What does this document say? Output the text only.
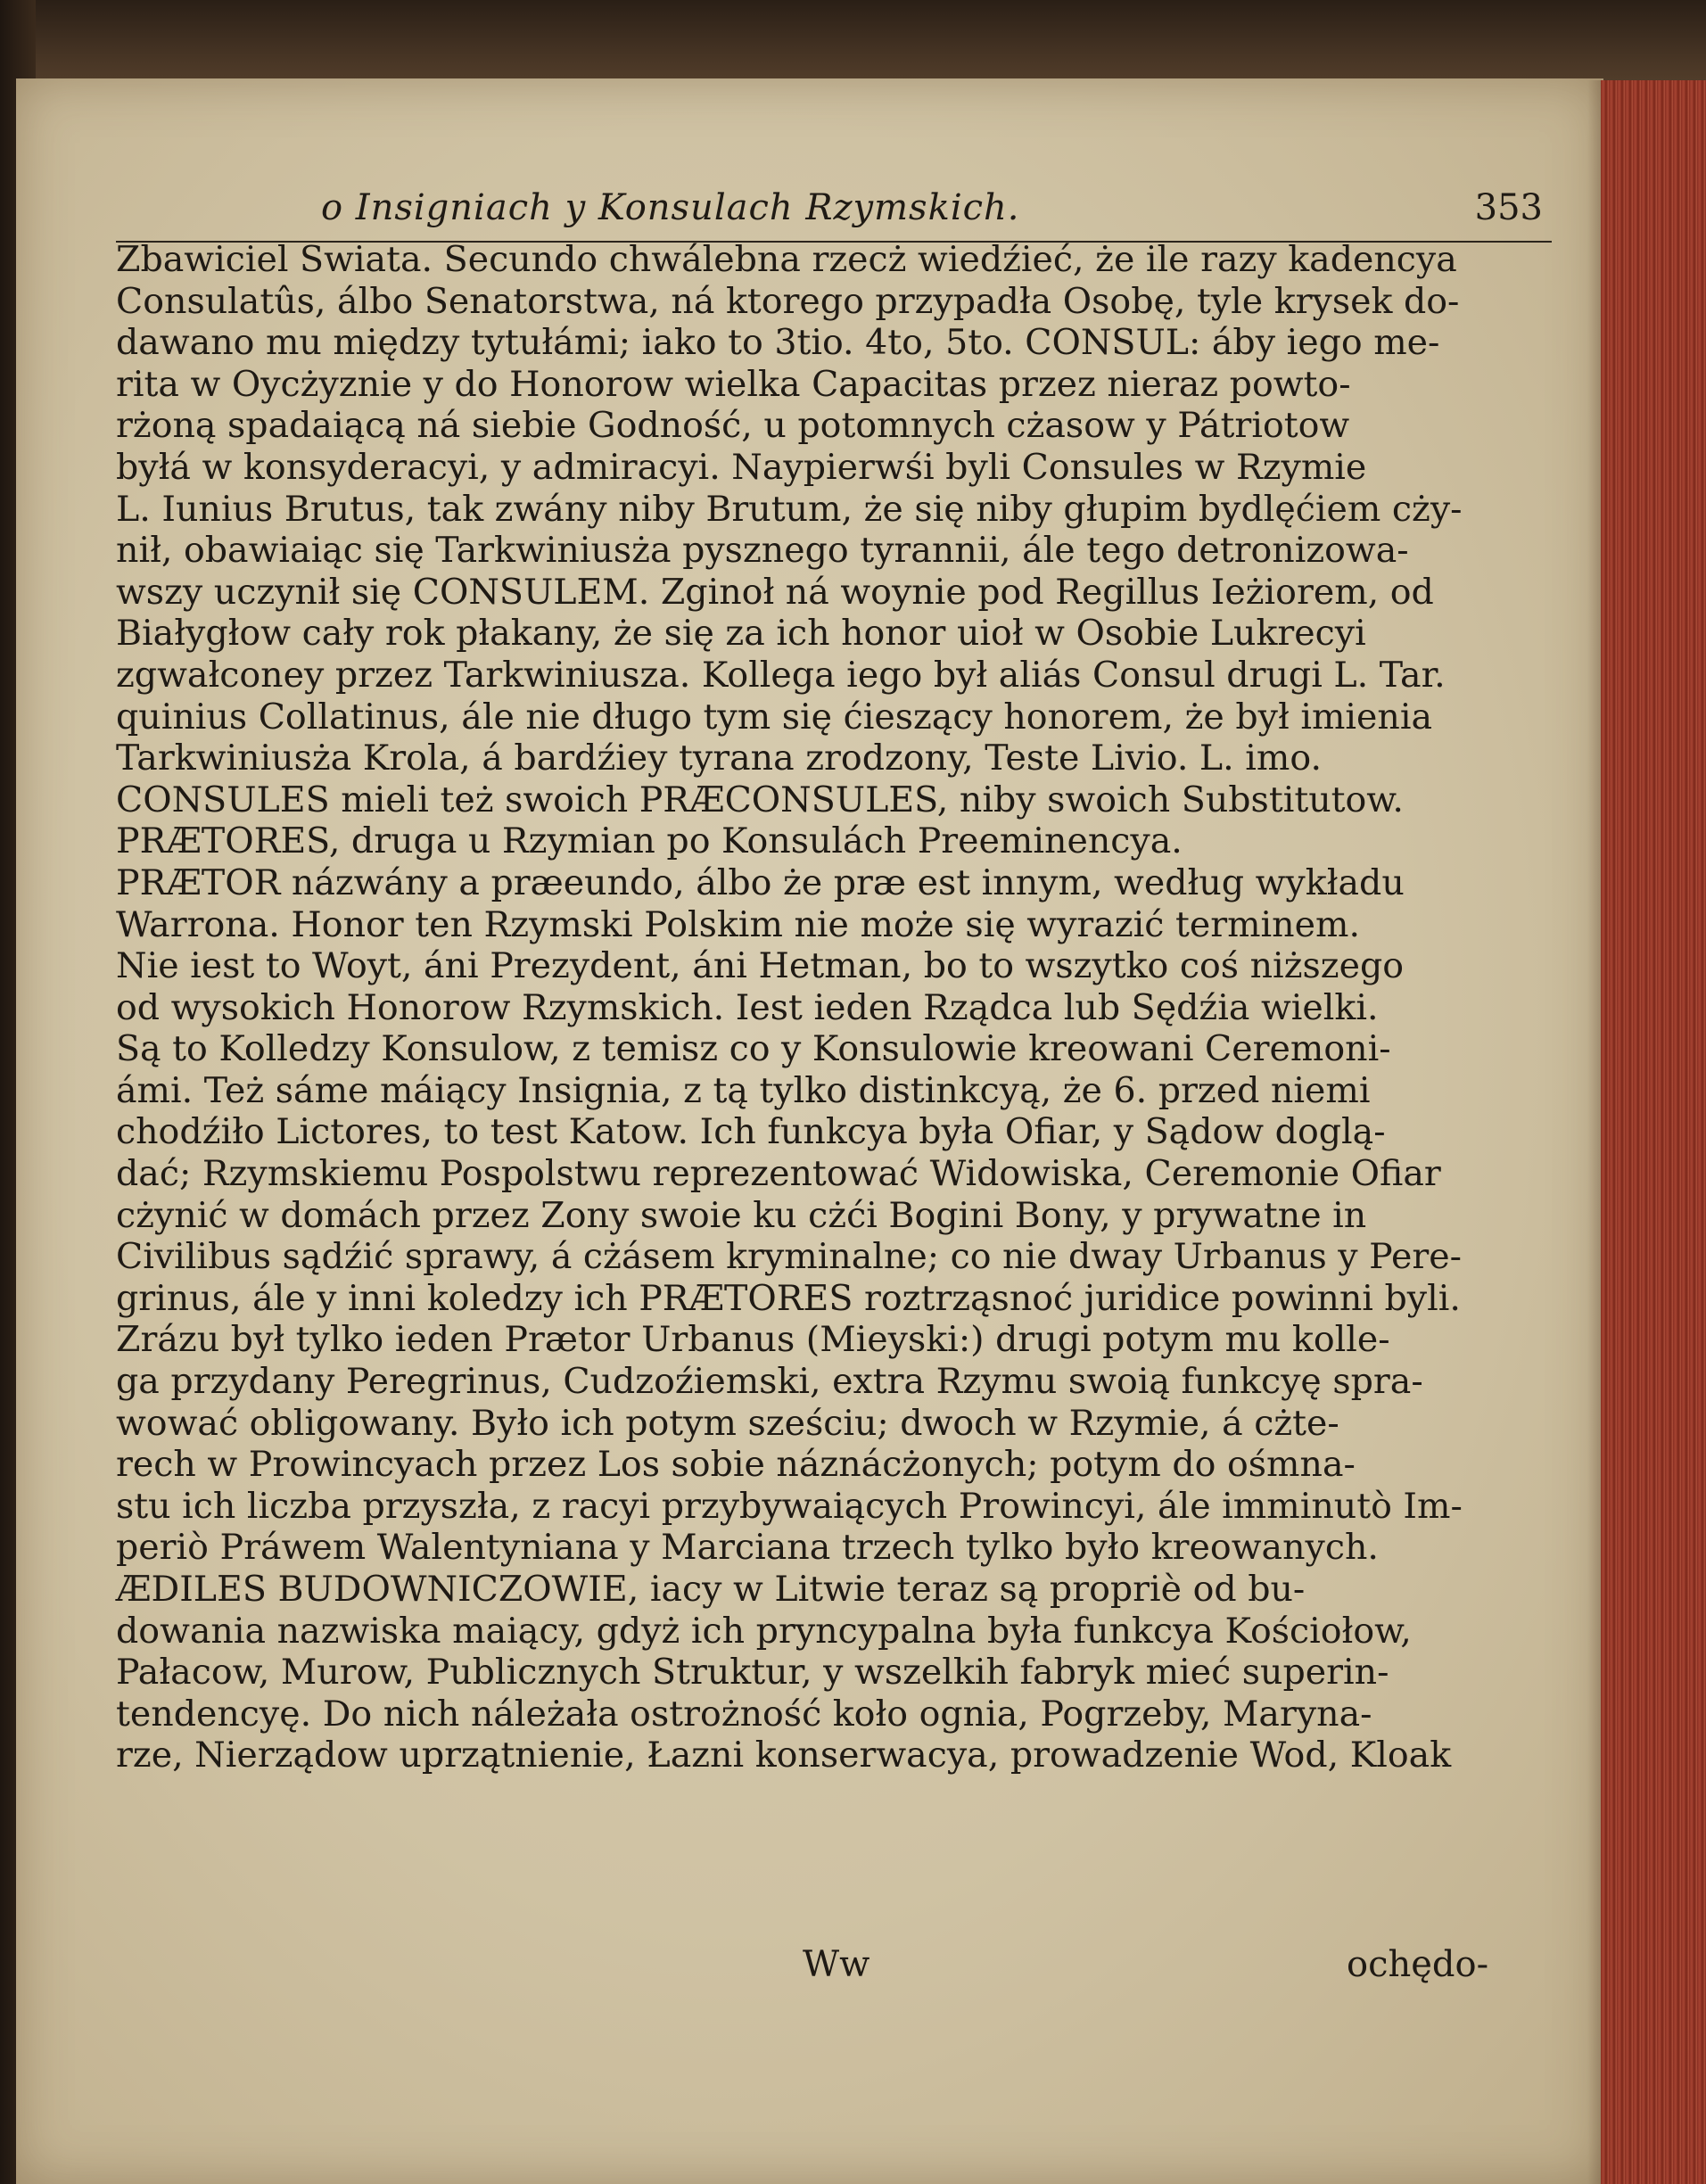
o Insigniach y Konsulach Rzymskich.	353
Zbawiciel Swiata. Secundo chwálebna rzecż wiedźieć, że ile razy kadencya
Consulatûs, álbo Senatorstwa, ná ktorego przypadła Osobę, tyle krysek do-
dawano mu między tytułámi; iako to 3tio. 4to, 5to. CONSUL: áby iego me-
rita w Oycżyznie y do Honorow wielka Capacitas przez nieraz powto-
rżoną spadaiącą ná siebie Godność, u potomnych cżasow y Pátriotow
byłá w konsyderacyi, y admiracyi. Naypierwśi byli Consules w Rzymie
L. Iunius Brutus, tak zwány niby Brutum, że się niby głupim bydlęćiem cży-
nił, obawiaiąc się Tarkwiniusża pysznego tyrannii, ále tego detronizowa-
wszy uczynił się CONSULEM. Zginoł ná woynie pod Regillus Ieżiorem, od
Białygłow cały rok płakany, że się za ich honor uioł w Osobie Lukrecyi
zgwałconey przez Tarkwiniusza. Kollega iego był aliás Consul drugi L. Tar.
quinius Collatinus, ále nie długo tym się ćieszący honorem, że był imienia
Tarkwiniusża Krola, á bardźiey tyrana zrodzony, Teste Livio. L. imo.
CONSULES mieli też swoich PRÆCONSULES, niby swoich Substitutow.
PRÆTORES, druga u Rzymian po Konsulách Preeminencya.
PRÆTOR názwány a præeundo, álbo że præ est innym, według wykładu
Warrona. Honor ten Rzymski Polskim nie może się wyrazić terminem.
Nie iest to Woyt, áni Prezydent, áni Hetman, bo to wszytko coś niższego
od wysokich Honorow Rzymskich. Iest ieden Rządca lub Sędźia wielki.
Są to Kolledzy Konsulow, z temisz co y Konsulowie kreowani Ceremoni-
ámi. Też sáme máiący Insignia, z tą tylko distinkcyą, że 6. przed niemi
chodźiło Lictores, to test Katow. Ich funkcya była Ofiar, y Sądow doglą-
dać; Rzymskiemu Pospolstwu reprezentować Widowiska, Ceremonie Ofiar
cżynić w domách przez Zony swoie ku cżći Bogini Bony, y prywatne in
Civilibus sądźić sprawy, á cżásem kryminalne; co nie dway Urbanus y Pere-
grinus, ále y inni koledzy ich PRÆTORES roztrząsnoć juridice powinni byli.
Zrázu był tylko ieden Prætor Urbanus (Mieyski:) drugi potym mu kolle-
ga przydany Peregrinus, Cudzoźiemski, extra Rzymu swoią funkcyę spra-
wować obligowany. Było ich potym sześciu; dwoch w Rzymie, á cżte-
rech w Prowincyach przez Los sobie náznácżonych; potym do ośmna-
stu ich liczba przyszła, z racyi przybywaiących Prowincyi, ále imminutò Im-
periò Práwem Walentyniana y Marciana trzech tylko było kreowanych.
ÆDILES BUDOWNICZOWIE, iacy w Litwie teraz są propriè od bu-
dowania nazwiska maiący, gdyż ich pryncypalna była funkcya Kościołow,
Pałacow, Murow, Publicznych Struktur, y wszelkih fabryk mieć superin-
tendencyę. Do nich náleżała ostrożność koło ognia, Pogrzeby, Maryna-
rze, Nierządow uprzątnienie, Łazni konserwacya, prowadzenie Wod, Kloak
Ww	ochędo-
